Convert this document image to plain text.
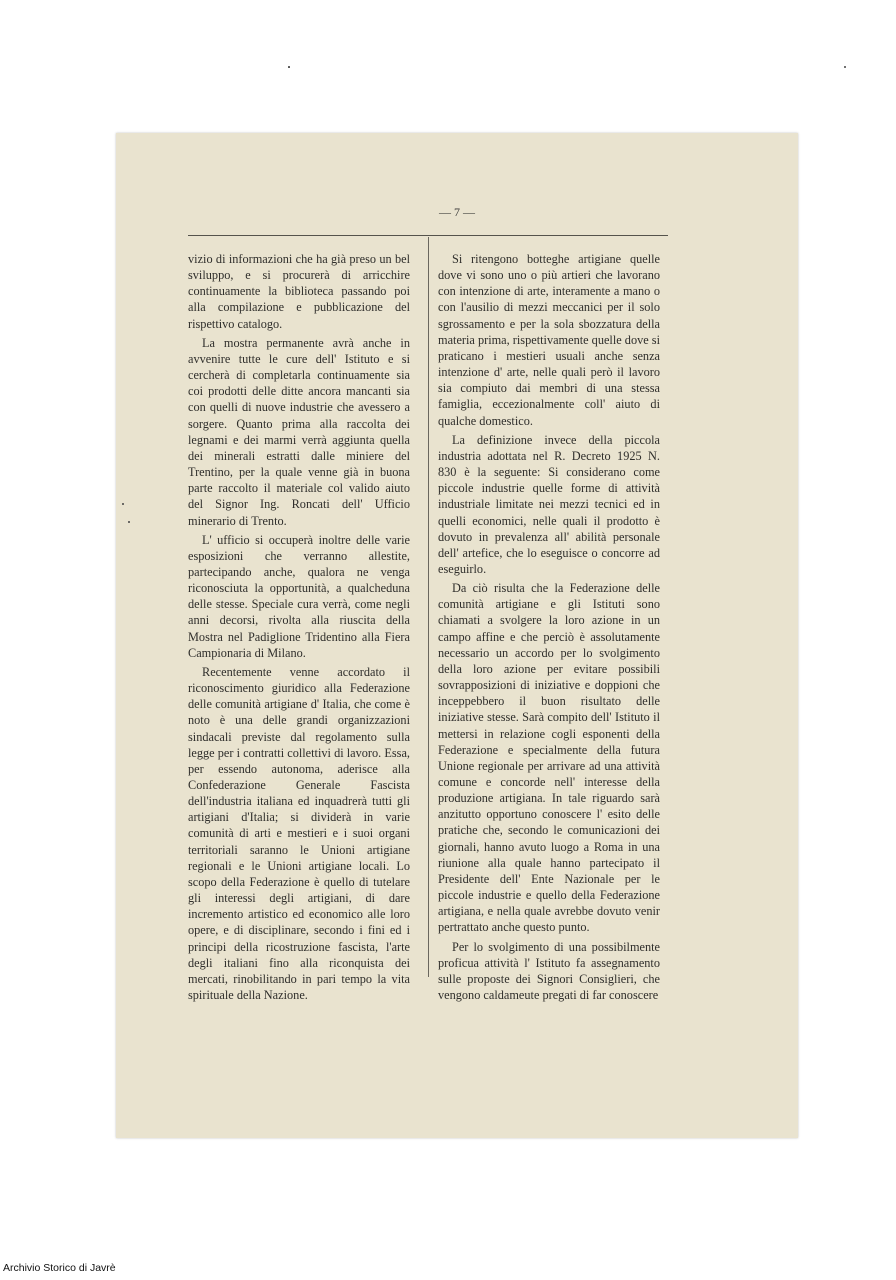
— 7 —

vizio di informazioni che ha già preso un bel sviluppo, e si procurerà di arricchire continuamente la biblioteca passando poi alla compilazione e pubblicazione del rispettivo catalogo.

La mostra permanente avrà anche in avvenire tutte le cure dell' Istituto e si cercherà di completarla continuamente sia coi prodotti delle ditte ancora mancanti sia con quelli di nuove industrie che avessero a sorgere. Quanto prima alla raccolta dei legnami e dei marmi verrà aggiunta quella dei minerali estratti dalle miniere del Trentino, per la quale venne già in buona parte raccolto il materiale col valido aiuto del Signor Ing. Roncati dell' Ufficio minerario di Trento.

L' ufficio si occuperà inoltre delle varie esposizioni che verranno allestite, partecipando anche, qualora ne venga riconosciuta la opportunità, a qualcheduna delle stesse. Speciale cura verrà, come negli anni decorsi, rivolta alla riuscita della Mostra nel Padiglione Tridentino alla Fiera Campionaria di Milano.

Recentemente venne accordato il riconoscimento giuridico alla Federazione delle comunità artigiane d' Italia, che come è noto è una delle grandi organizzazioni sindacali previste dal regolamento sulla legge per i contratti collettivi di lavoro. Essa, per essendo autonoma, aderisce alla Confederazione Generale Fascista dell'industria italiana ed inquadrerà tutti gli artigiani d'Italia; si dividerà in varie comunità di arti e mestieri e i suoi organi territoriali saranno le Unioni artigiane regionali e le Unioni artigiane locali. Lo scopo della Federazione è quello di tutelare gli interessi degli artigiani, di dare incremento artistico ed economico alle loro opere, e di disciplinare, secondo i fini ed i principi della ricostruzione fascista, l'arte degli italiani fino alla riconquista dei mercati, rinobilitando in pari tempo la vita spirituale della Nazione.

Si ritengono botteghe artigiane quelle dove vi sono uno o più artieri che lavorano con intenzione di arte, interamente a mano o con l'ausilio di mezzi meccanici per il solo sgrossamento e per la sola sbozzatura della materia prima, rispettivamente quelle dove si praticano i mestieri usuali anche senza intenzione d' arte, nelle quali però il lavoro sia compiuto dai membri di una stessa famiglia, eccezionalmente coll' aiuto di qualche domestico.

La definizione invece della piccola industria adottata nel R. Decreto 1925 N. 830 è la seguente: Si considerano come piccole industrie quelle forme di attività industriale limitate nei mezzi tecnici ed in quelli economici, nelle quali il prodotto è dovuto in prevalenza all' abilità personale dell' artefice, che lo eseguisce o concorre ad eseguirlo.

Da ciò risulta che la Federazione delle comunità artigiane e gli Istituti sono chiamati a svolgere la loro azione in un campo affine e che perciò è assolutamente necessario un accordo per lo svolgimento della loro azione per evitare possibili sovrapposizioni di iniziative e doppioni che inceppebbero il buon risultato delle iniziative stesse. Sarà compito dell' Istituto il mettersi in relazione cogli esponenti della Federazione e specialmente della futura Unione regionale per arrivare ad una attività comune e concorde nell' interesse della produzione artigiana. In tale riguardo sarà anzitutto opportuno conoscere l' esito delle pratiche che, secondo le comunicazioni dei giornali, hanno avuto luogo a Roma in una riunione alla quale hanno partecipato il Presidente dell' Ente Nazionale per le piccole industrie e quello della Federazione artigiana, e nella quale avrebbe dovuto venir pertrattato anche questo punto.

Per lo svolgimento di una possibilmente proficua attività l' Istituto fa assegnamento sulle proposte dei Signori Consiglieri, che vengono caldameute pregati di far conoscere

Archivio Storico di Javrè
